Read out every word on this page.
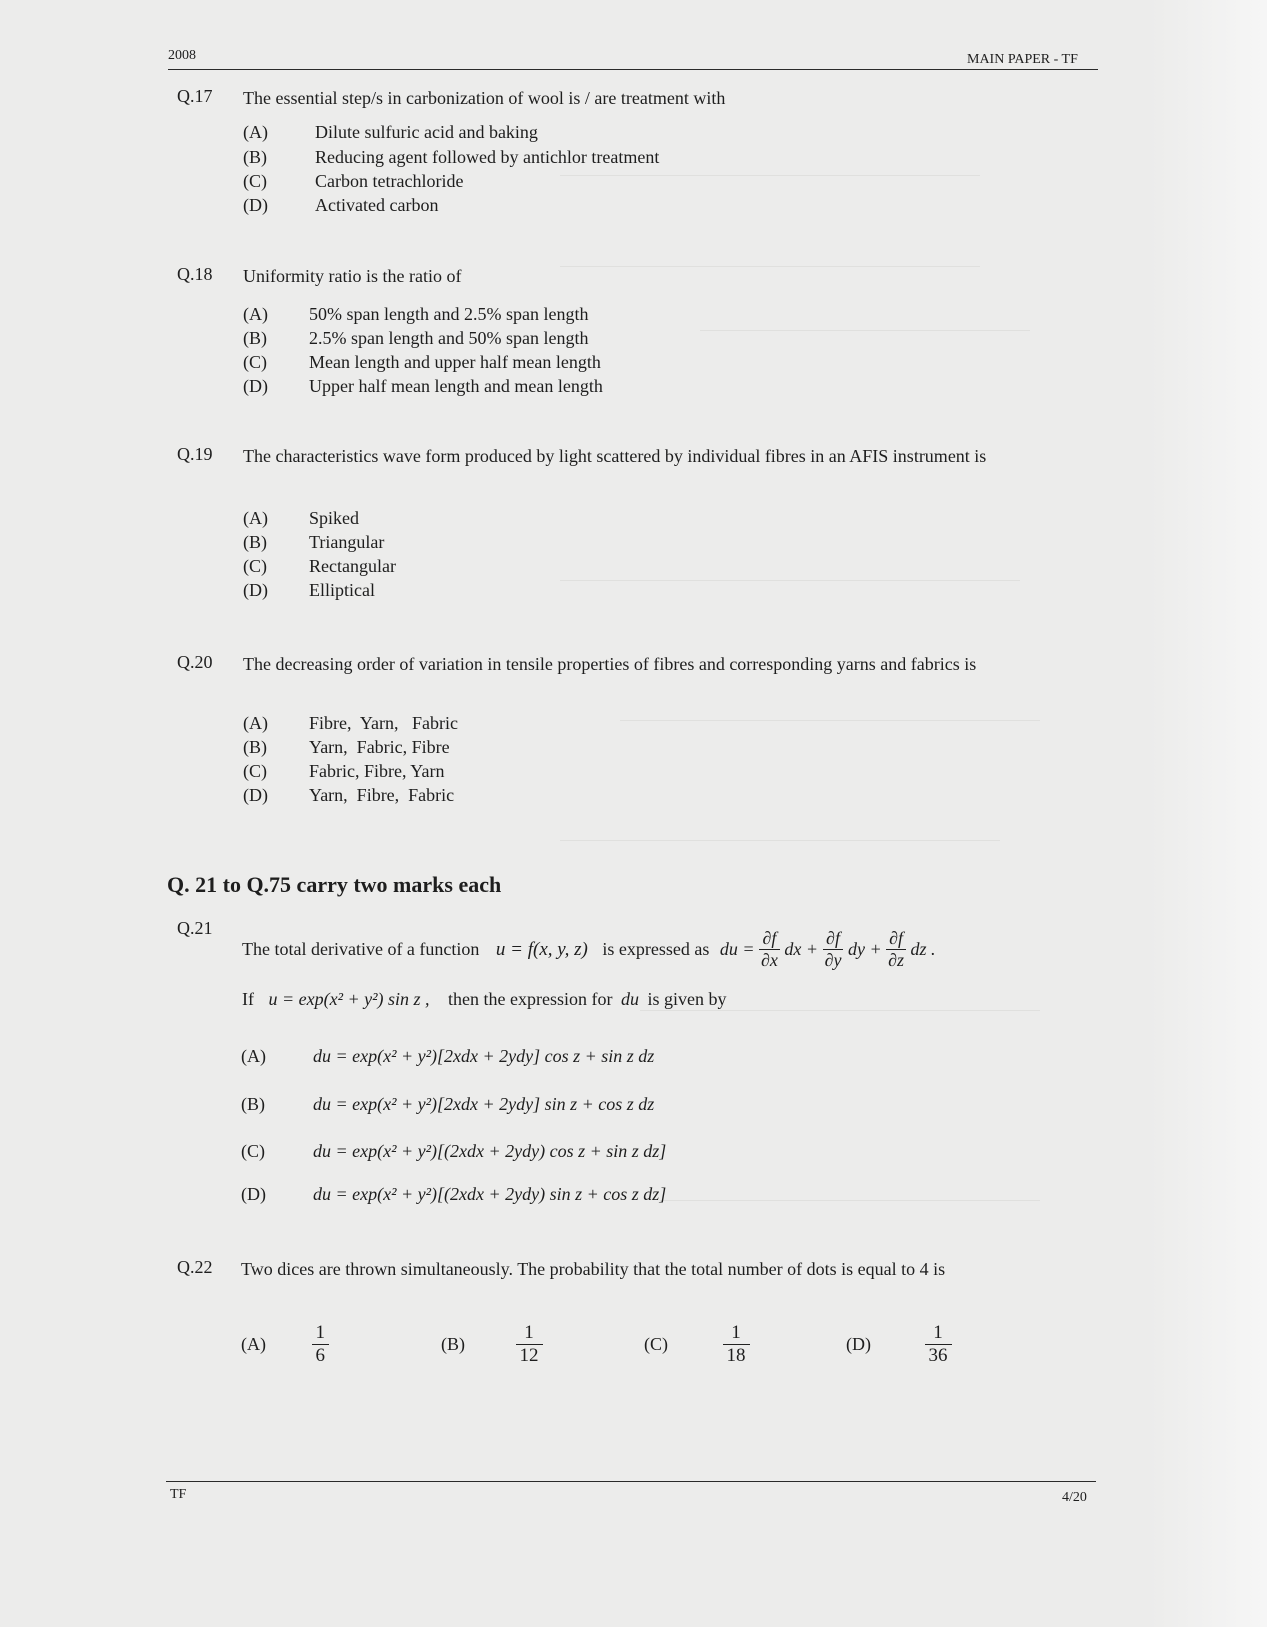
2008	MAIN PAPER - TF
Q.17 The essential step/s in carbonization of wool is / are treatment with
(A)	Dilute sulfuric acid and baking
(B)	Reducing agent followed by antichlor treatment
(C)	Carbon tetrachloride
(D)	Activated carbon
Q.18 Uniformity ratio is the ratio of
(A) 50% span length and 2.5% span length
(B) 2.5% span length and 50% span length
(C) Mean length and upper half mean length
(D) Upper half mean length and mean length
Q.19 The characteristics wave form produced by light scattered by individual fibres in an AFIS instrument is
(A) Spiked
(B) Triangular
(C) Rectangular
(D) Elliptical
Q.20 The decreasing order of variation in tensile properties of fibres and corresponding yarns and fabrics is
(A) Fibre,  Yarn,   Fabric
(B) Yarn,  Fabric, Fibre
(C) Fabric, Fibre, Yarn
(D) Yarn,  Fibre,  Fabric
Q. 21 to Q.75 carry two marks each
Q.21
The total derivative of a function u = f(x, y, z) is expressed as du = $\frac{\partial f}{\partial x}$ dx + $\frac{\partial f}{\partial y}$ dy + $\frac{\partial f}{\partial z}$ dz .
If u = exp(x² + y²) sin z , then the expression for du is given by
(A)	du = exp(x² + y²)[2xdx + 2ydy] cos z + sin z dz
(B)	du = exp(x² + y²)[2xdx + 2ydy] sin z + cos z dz
(C)	du = exp(x² + y²)[(2xdx + 2ydy) cos z + sin z dz]
(D)	du = exp(x² + y²)[(2xdx + 2ydy) sin z + cos z dz]
Q.22 Two dices are thrown simultaneously. The probability that the total number of dots is equal to 4 is
$(A) \frac{1}{6}$	(B)	$\frac{1}{12}$	(C)	$\frac{1}{18}$	(D)	$\frac{1}{36}$
TF	4/20
